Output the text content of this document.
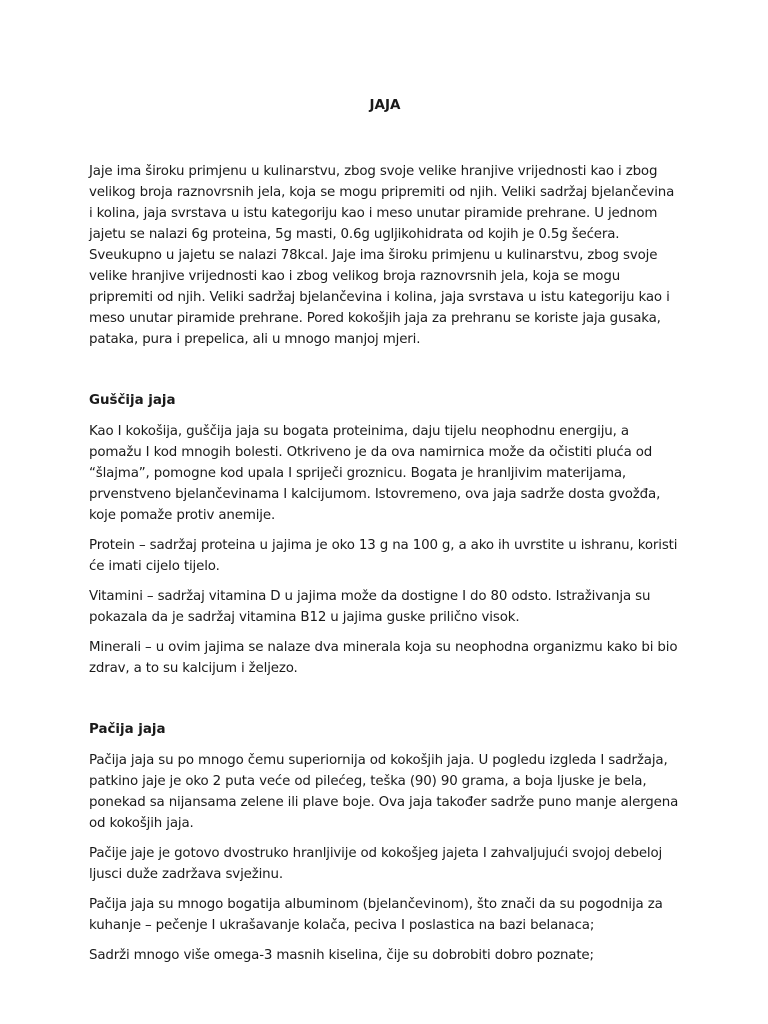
JAJA

Jaje ima široku primjenu u kulinarstvu, zbog svoje velike hranjive vrijednosti kao i zbog velikog broja raznovrsnih jela, koja se mogu pripremiti od njih. Veliki sadržaj bjelančevina i kolina, jaja svrstava u istu kategoriju kao i meso unutar piramide prehrane. U jednom jajetu se nalazi 6g proteina, 5g masti, 0.6g ugljikohidrata od kojih je 0.5g šećera. Sveukupno u jajetu se nalazi 78kcal. Jaje ima široku primjenu u kulinarstvu, zbog svoje velike hranjive vrijednosti kao i zbog velikog broja raznovrsnih jela, koja se mogu pripremiti od njih. Veliki sadržaj bjelančevina i kolina, jaja svrstava u istu kategoriju kao i meso unutar piramide prehrane. Pored kokošjih jaja za prehranu se koriste jaja gusaka, pataka, pura i prepelica, ali u mnogo manjoj mjeri.

Guščija jaja

Kao I kokošija, guščija jaja su bogata proteinima, daju tijelu neophodnu energiju, a pomažu I kod mnogih bolesti. Otkriveno je da ova namirnica može da očistiti pluća od “šlajma”, pomogne kod upala I spriječi groznicu. Bogata je hranljivim materijama, prvenstveno bjelančevinama I kalcijumom. Istovremeno, ova jaja sadrže dosta gvožđa, koje pomaže protiv anemije.

Protein – sadržaj proteina u jajima je oko 13 g na 100 g, a ako ih uvrstite u ishranu, koristi će imati cijelo tijelo.

Vitamini – sadržaj vitamina D u jajima može da dostigne I do 80 odsto. Istraživanja su pokazala da je sadržaj vitamina B12 u jajima guske prilično visok.

Minerali – u ovim jajima se nalaze dva minerala koja su neophodna organizmu kako bi bio zdrav, a to su kalcijum i željezo.

Pačija jaja

Pačija jaja su po mnogo čemu superiornija od kokošjih jaja. U pogledu izgleda I sadržaja, patkino jaje je oko 2 puta veće od pilećeg, teška (90) 90 grama, a boja ljuske je bela, ponekad sa nijansama zelene ili plave boje. Ova jaja također sadrže puno manje alergena od kokošjih jaja.

Pačije jaje je gotovo dvostruko hranljivije od kokošjeg jajeta I zahvaljujući svojoj debeloj ljusci duže zadržava svježinu.

Pačija jaja su mnogo bogatija albuminom (bjelančevinom), što znači da su pogodnija za kuhanje – pečenje I ukrašavanje kolača, peciva I poslastica na bazi belanaca;

Sadrži mnogo više omega-3 masnih kiselina, čije su dobrobiti dobro poznate;
